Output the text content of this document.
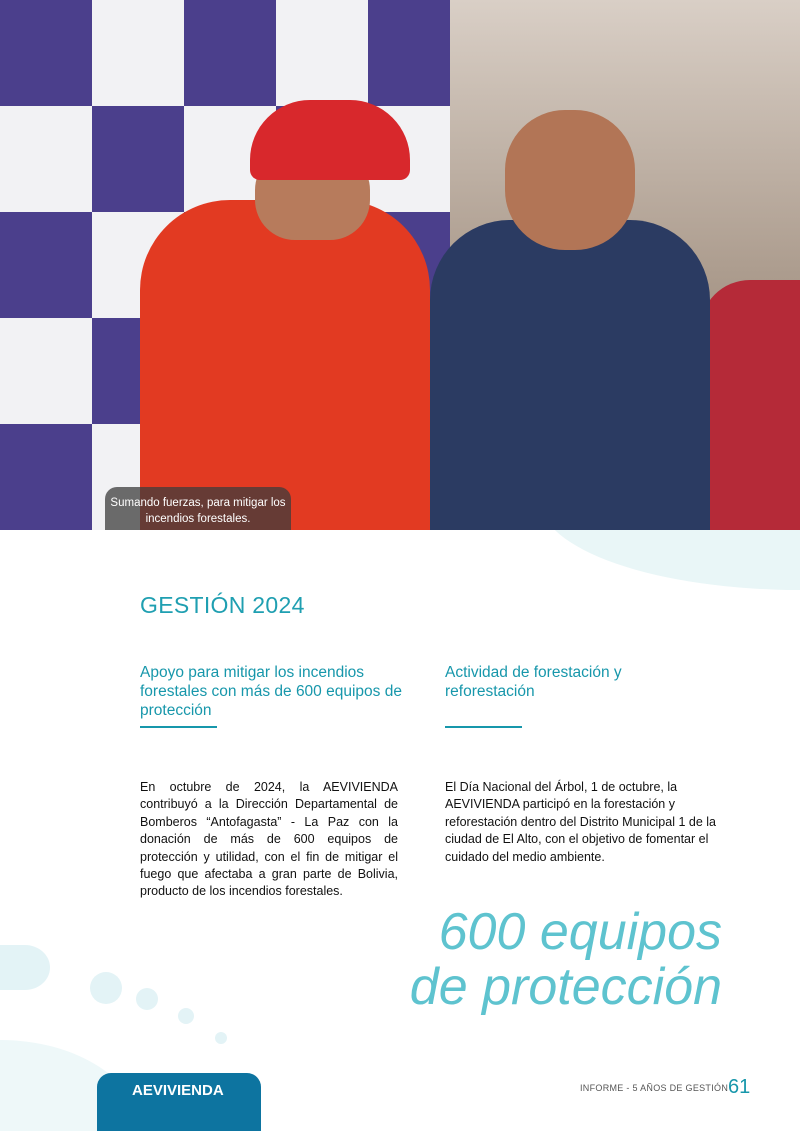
Sumando fuerzas, para mitigar los incendios forestales.
GESTIÓN 2024
Apoyo para mitigar los incendios forestales con más de 600 equipos de protección
En octubre de 2024, la AEVIVIENDA contribuyó a la Dirección Departamental de Bomberos “Antofagasta” - La Paz con la donación de más de 600 equipos de protección y utilidad, con el fin de mitigar el fuego que afectaba a gran parte de Bolivia, producto de los incendios forestales.
Actividad de forestación y reforestación
El Día Nacional del Árbol, 1 de octubre, la AEVIVIENDA participó en la forestación y reforestación dentro del Distrito Municipal 1 de la ciudad de El Alto, con el objetivo de fomentar el cuidado del medio ambiente.
600 equipos
de protección
AEVIVIENDA	INFORME - 5 AÑOS DE GESTIÓN 61
